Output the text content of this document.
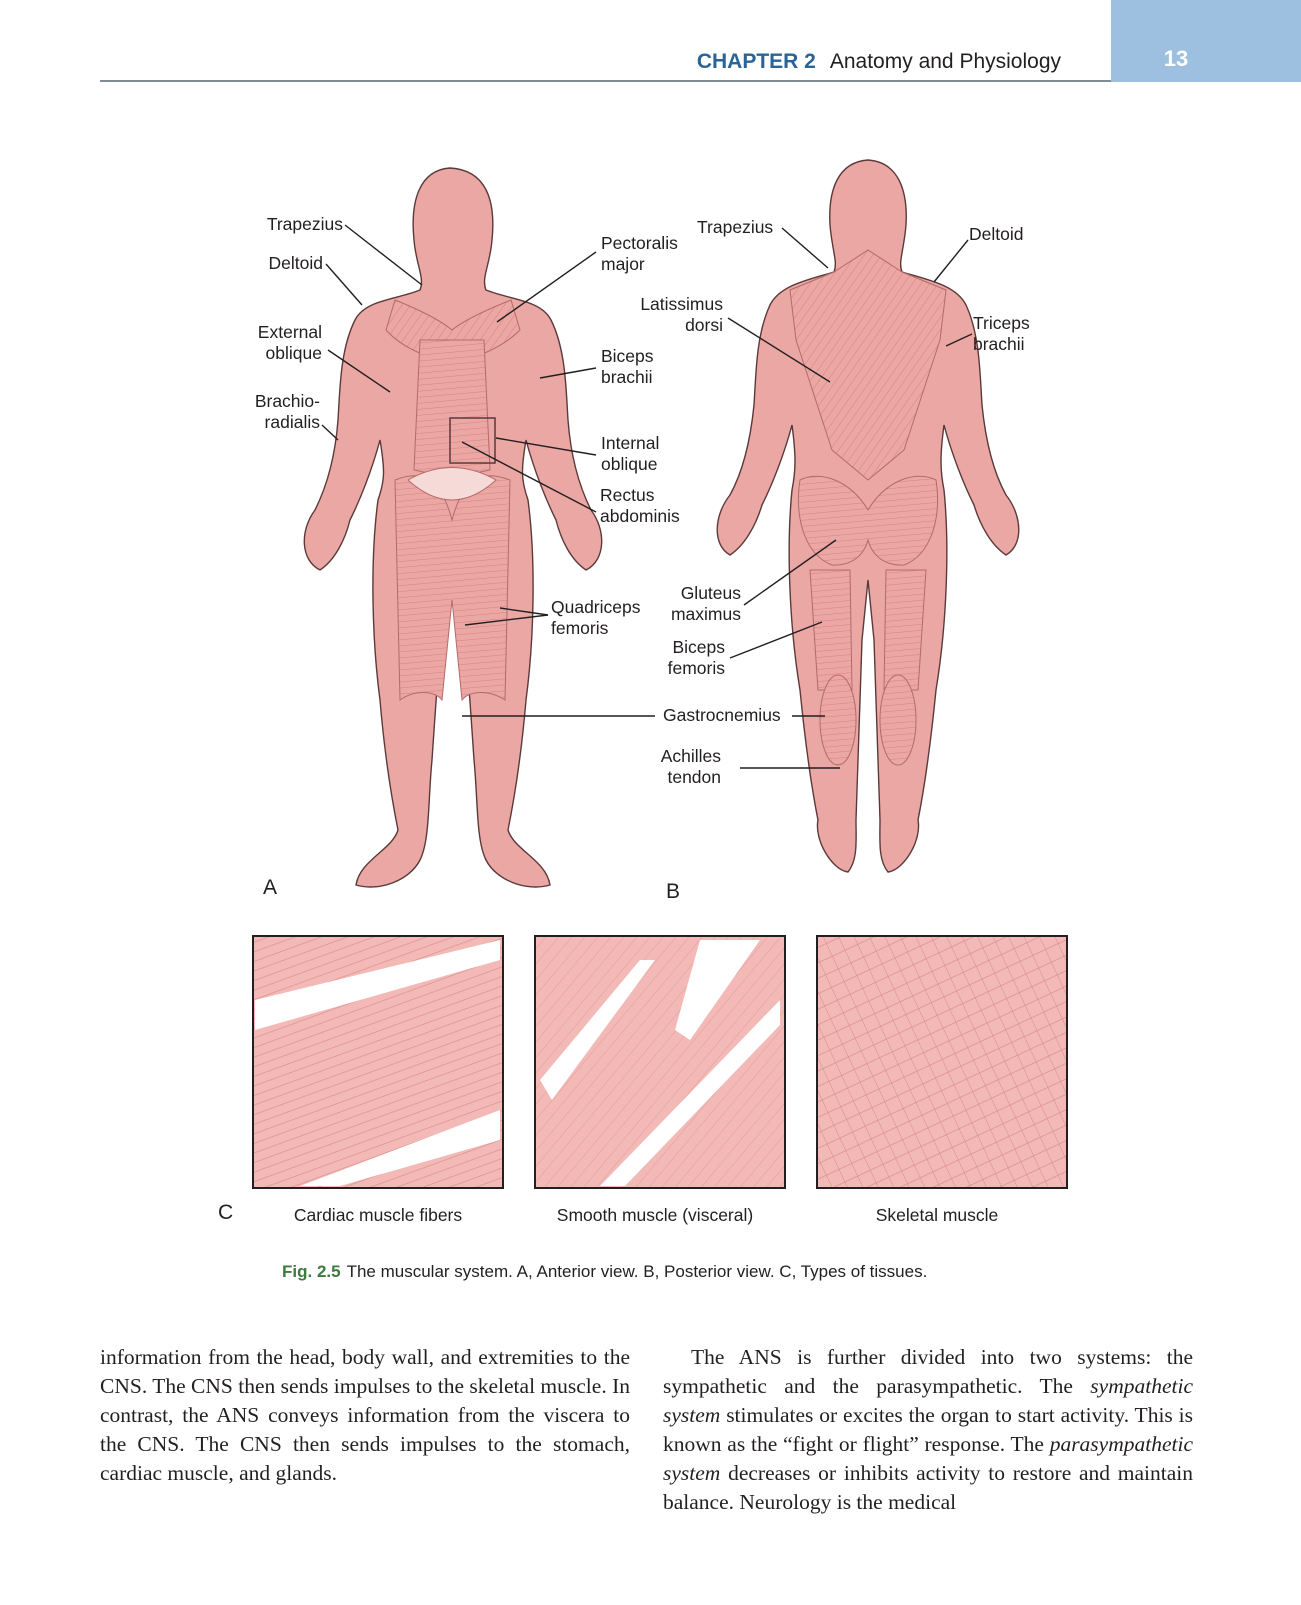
13
CHAPTER 2 Anatomy and Physiology
A	B
C
Trapezius
Deltoid
External
oblique
Brachio-
radialis
Pectoralis
major
Biceps
brachii
Internal
oblique
Rectus
abdominis
Quadriceps
femoris
Trapezius	Deltoid
Latissimus
dorsi	Triceps
brachii
Gluteus
maximus
Biceps
femoris
Gastrocnemius
Achilles
tendon
Cardiac muscle fibers	Smooth muscle (visceral)	Skeletal muscle
Fig. 2.5 The muscular system. A, Anterior view. B, Posterior view. C, Types of tissues.

information from the head, body wall, and extremities to the CNS. The CNS then sends impulses to the skeletal muscle. In contrast, the ANS conveys information from the viscera to the CNS. The CNS then sends impulses to the stomach, cardiac muscle, and glands.

The ANS is further divided into two systems: the sympathetic and the parasympathetic. The sympathetic system stimulates or excites the organ to start activity. This is known as the “fight or flight” response. The parasympathetic system decreases or inhibits activity to restore and maintain balance. Neurology is the medical
